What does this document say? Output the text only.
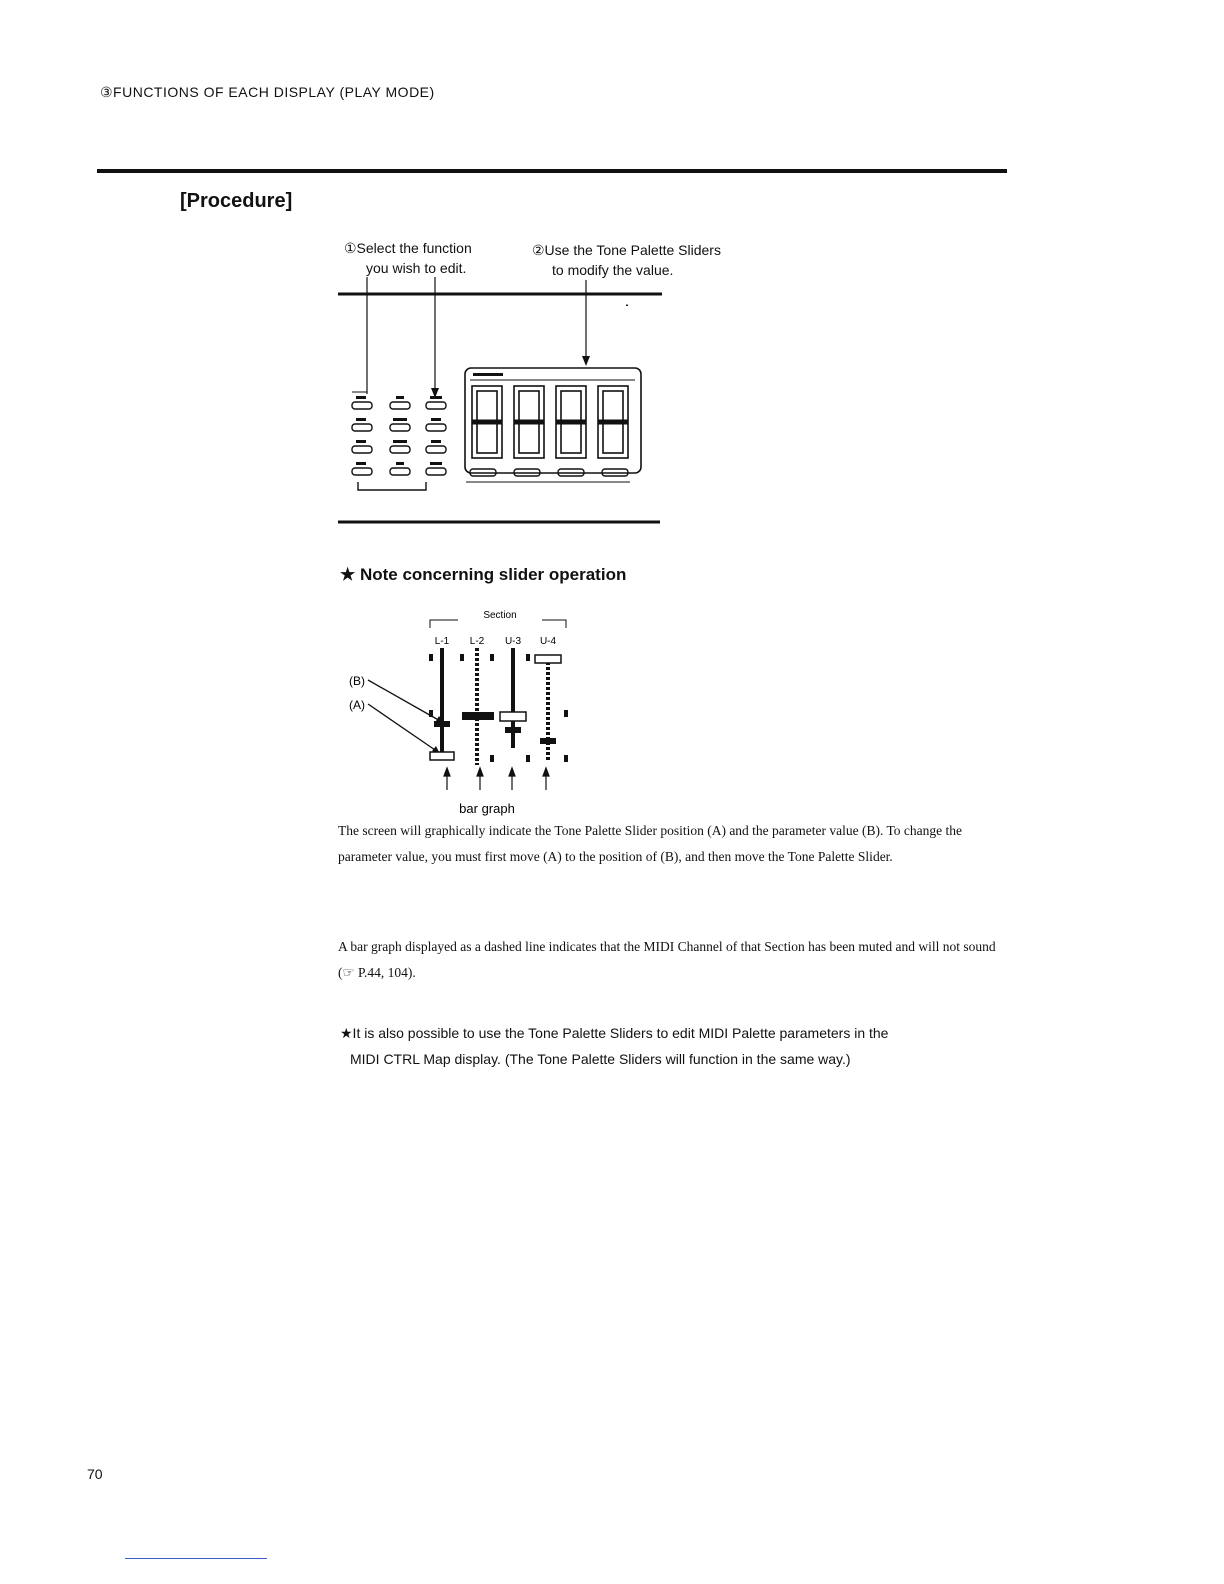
③FUNCTIONS OF EACH DISPLAY (PLAY MODE)
[Procedure]
①Select the function
you wish to edit.
②Use the Tone Palette Sliders
to modify the value.
▲
★ Note concerning slider operation
Section
L-1 L-2 U-3 U-4
(B)
(A)
bar graph
The screen will graphically indicate the Tone Palette Slider position (A) and the parameter value (B). To change the parameter value, you must first move (A) to the position of (B), and then move the Tone Palette Slider.
A bar graph displayed as a dashed line indicates that the MIDI Channel of that Section has been muted and will not sound (☞ P.44, 104).
★It is also possible to use the Tone Palette Sliders to edit MIDI Palette parameters in the
MIDI CTRL Map display. (The Tone Palette Sliders will function in the same way.)
70
